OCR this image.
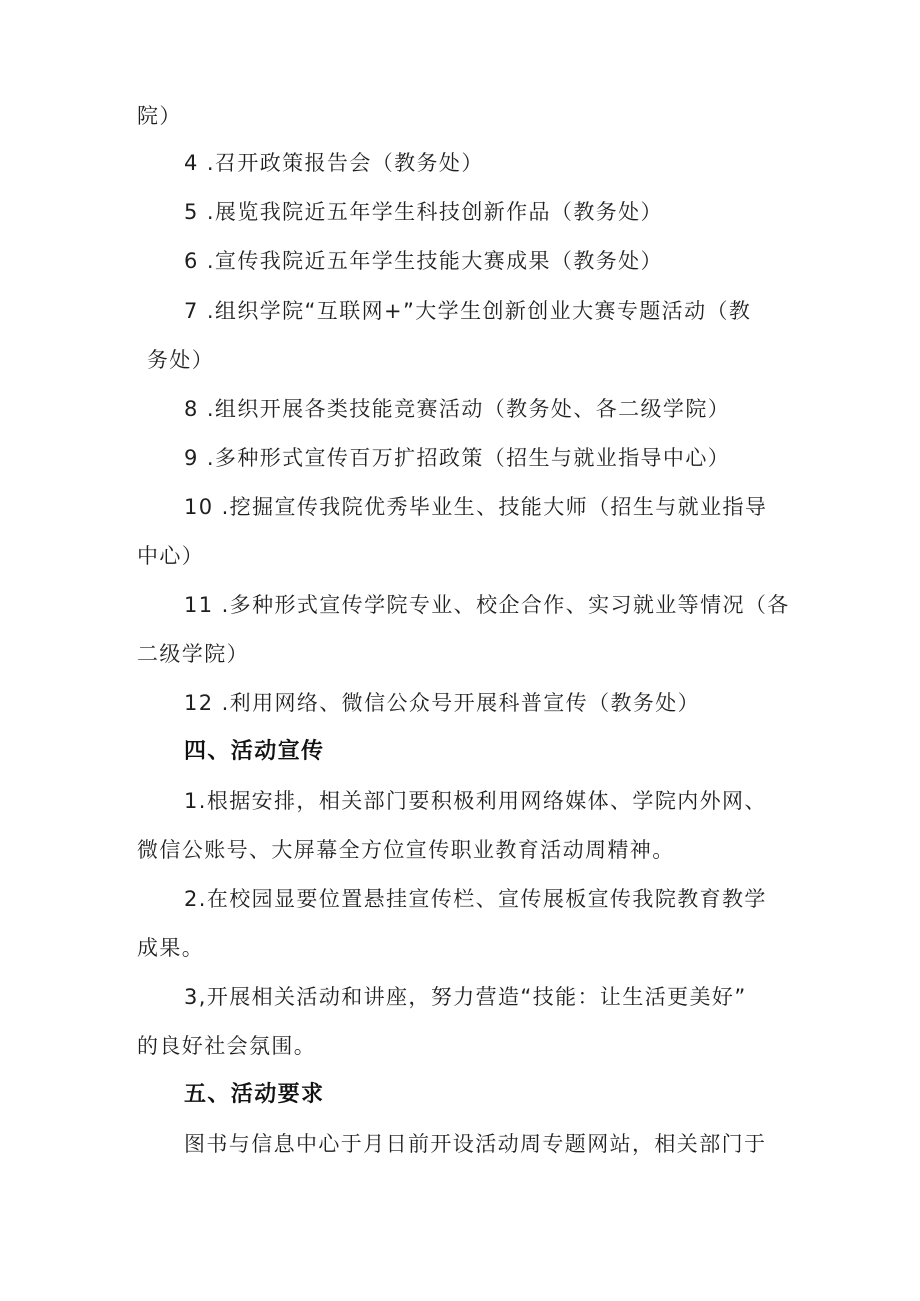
院）
4 .召开政策报告会（教务处）
5 .展览我院近五年学生科技创新作品（教务处）
6 .宣传我院近五年学生技能大赛成果（教务处）
7 .组织学院“互联网+”大学生创新创业大赛专题活动（教
务处）
8 .组织开展各类技能竞赛活动（教务处、各二级学院）
9 .多种形式宣传百万扩招政策（招生与就业指导中心）
10 .挖掘宣传我院优秀毕业生、技能大师（招生与就业指导
中心）
11 .多种形式宣传学院专业、校企合作、实习就业等情况（各
二级学院）
12 .利用网络、微信公众号开展科普宣传（教务处）
四、活动宣传
1.根据安排，相关部门要积极利用网络媒体、学院内外网、
微信公账号、大屏幕全方位宣传职业教育活动周精神。
2.在校园显要位置悬挂宣传栏、宣传展板宣传我院教育教学
成果。
3,开展相关活动和讲座，努力营造“技能：让生活更美好”
的良好社会氛围。
五、活动要求
图书与信息中心于月日前开设活动周专题网站，相关部门于
